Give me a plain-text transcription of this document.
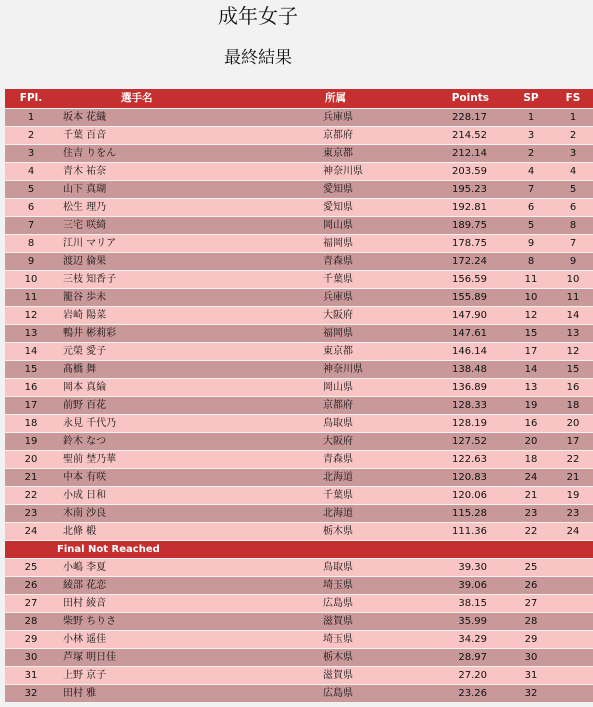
成年女子
最終結果
FPl.	選手名	所属	Points	SP	FS
1	坂本 花織	兵庫県	228.17	1	1
2	千葉 百音	京都府	214.52	3	2
3	住吉 りをん	東京都	212.14	2	3
4	青木 祐奈	神奈川県	203.59	4	4
5	山下 真瑚	愛知県	195.23	7	5
6	松生 理乃	愛知県	192.81	6	6
7	三宅 咲綺	岡山県	189.75	5	8
8	江川 マリア	福岡県	178.75	9	7
9	渡辺 倫果	青森県	172.24	8	9
10	三枝 知香子	千葉県	156.59	11	10
11	籠谷 歩未	兵庫県	155.89	10	11
12	岩崎 陽菜	大阪府	147.90	12	14
13	鴨井 彬莉彩	福岡県	147.61	15	13
14	元榮 愛子	東京都	146.14	17	12
15	髙橋 舞	神奈川県	138.48	14	15
16	岡本 真綸	岡山県	136.89	13	16
17	前野 百花	京都府	128.33	19	18
18	永見 千代乃	鳥取県	128.19	16	20
19	鈴木 なつ	大阪府	127.52	20	17
20	聖前 埜乃華	青森県	122.63	18	22
21	中本 有咲	北海道	120.83	24	21
22	小成 日和	千葉県	120.06	21	19
23	木南 沙良	北海道	115.28	23	23
24	北條 椴	栃木県	111.36	22	24
	Final Not Reached				
25	小嶋 李夏	鳥取県	39.30	25	
26	綾部 花恋	埼玉県	39.06	26	
27	田村 綾音	広島県	38.15	27	
28	柴野 ちりさ	滋賀県	35.99	28	
29	小林 遥佳	埼玉県	34.29	29	
30	芦塚 明日佳	栃木県	28.97	30	
31	上野 京子	滋賀県	27.20	31	
32	田村 雅	広島県	23.26	32	
